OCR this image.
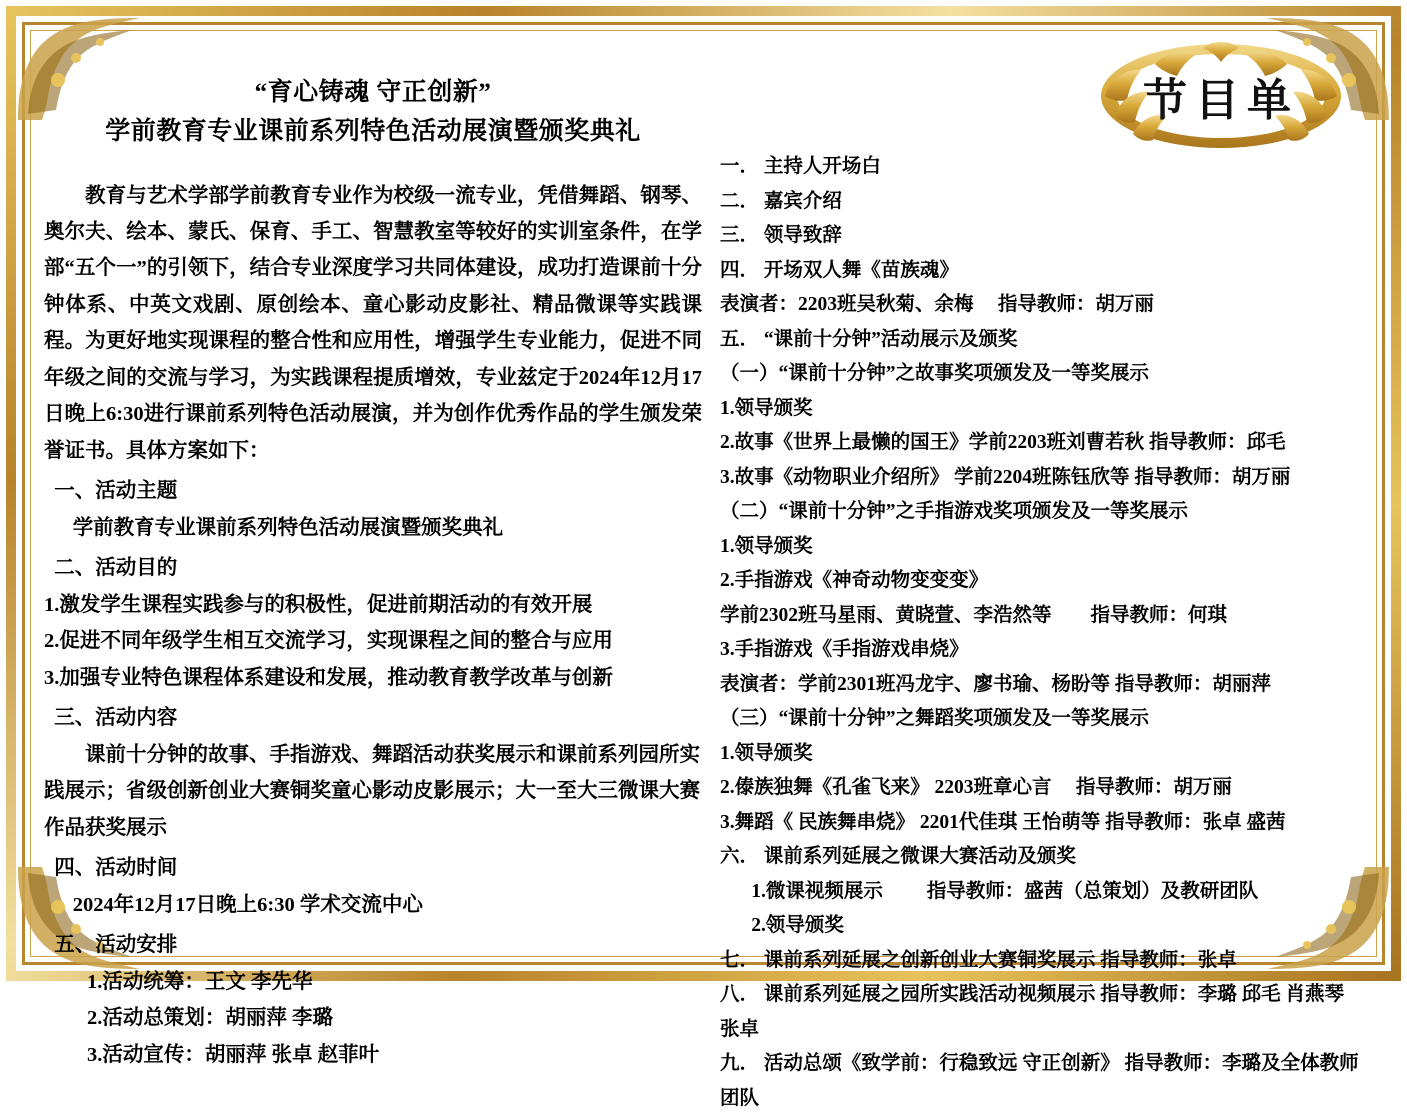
“育心铸魂 守正创新”
学前教育专业课前系列特色活动展演暨颁奖典礼
教育与艺术学部学前教育专业作为校级一流专业，凭借舞蹈、钢琴、奥尔夫、绘本、蒙氏、保育、手工、智慧教室等较好的实训室条件，在学部“五个一”的引领下，结合专业深度学习共同体建设，成功打造课前十分钟体系、中英文戏剧、原创绘本、童心影动皮影社、精品微课等实践课程。为更好地实现课程的整合性和应用性，增强学生专业能力，促进不同年级之间的交流与学习，为实践课程提质增效，专业兹定于2024年12月17日晚上6:30进行课前系列特色活动展演，并为创作优秀作品的学生颁发荣誉证书。具体方案如下：
一、活动主题
学前教育专业课前系列特色活动展演暨颁奖典礼
二、活动目的
1.激发学生课程实践参与的积极性，促进前期活动的有效开展
2.促进不同年级学生相互交流学习，实现课程之间的整合与应用
3.加强专业特色课程体系建设和发展，推动教育教学改革与创新
三、活动内容
课前十分钟的故事、手指游戏、舞蹈活动获奖展示和课前系列园所实践展示；省级创新创业大赛铜奖童心影动皮影展示；大一至大三微课大赛作品获奖展示
四、活动时间
2024年12月17日晚上6:30 学术交流中心
五、活动安排
1.活动统筹：王文 李先华
2.活动总策划：胡丽萍 李璐
3.活动宣传：胡丽萍 张卓 赵菲叶
节目单
一． 主持人开场白
二． 嘉宾介绍
三． 领导致辞
四． 开场双人舞《苗族魂》
表演者：2203班吴秋菊、余梅　 指导教师：胡万丽
五． “课前十分钟”活动展示及颁奖
（一）“课前十分钟”之故事奖项颁发及一等奖展示
1.领导颁奖
2.故事《世界上最懒的国王》学前2203班刘曹若秋 指导教师：邱毛
3.故事《动物职业介绍所》 学前2204班陈钰欣等 指导教师：胡万丽
（二）“课前十分钟”之手指游戏奖项颁发及一等奖展示
1.领导颁奖
2.手指游戏《神奇动物变变变》
学前2302班马星雨、黄晓萱、李浩然等　　指导教师：何琪
3.手指游戏《手指游戏串烧》
表演者：学前2301班冯龙宇、廖书瑜、杨盼等 指导教师：胡丽萍
（三）“课前十分钟”之舞蹈奖项颁发及一等奖展示
1.领导颁奖
2.傣族独舞《孔雀飞来》 2203班章心言　 指导教师：胡万丽
3.舞蹈《 民族舞串烧》 2201代佳琪 王怡萌等 指导教师：张卓 盛茜
六． 课前系列延展之微课大赛活动及颁奖
1.微课视频展示　　 指导教师：盛茜（总策划）及教研团队
2.领导颁奖
七． 课前系列延展之创新创业大赛铜奖展示 指导教师：张卓
八． 课前系列延展之园所实践活动视频展示 指导教师：李璐 邱毛 肖燕琴 张卓
九． 活动总颂《致学前：行稳致远 守正创新》 指导教师：李璐及全体教师团队
